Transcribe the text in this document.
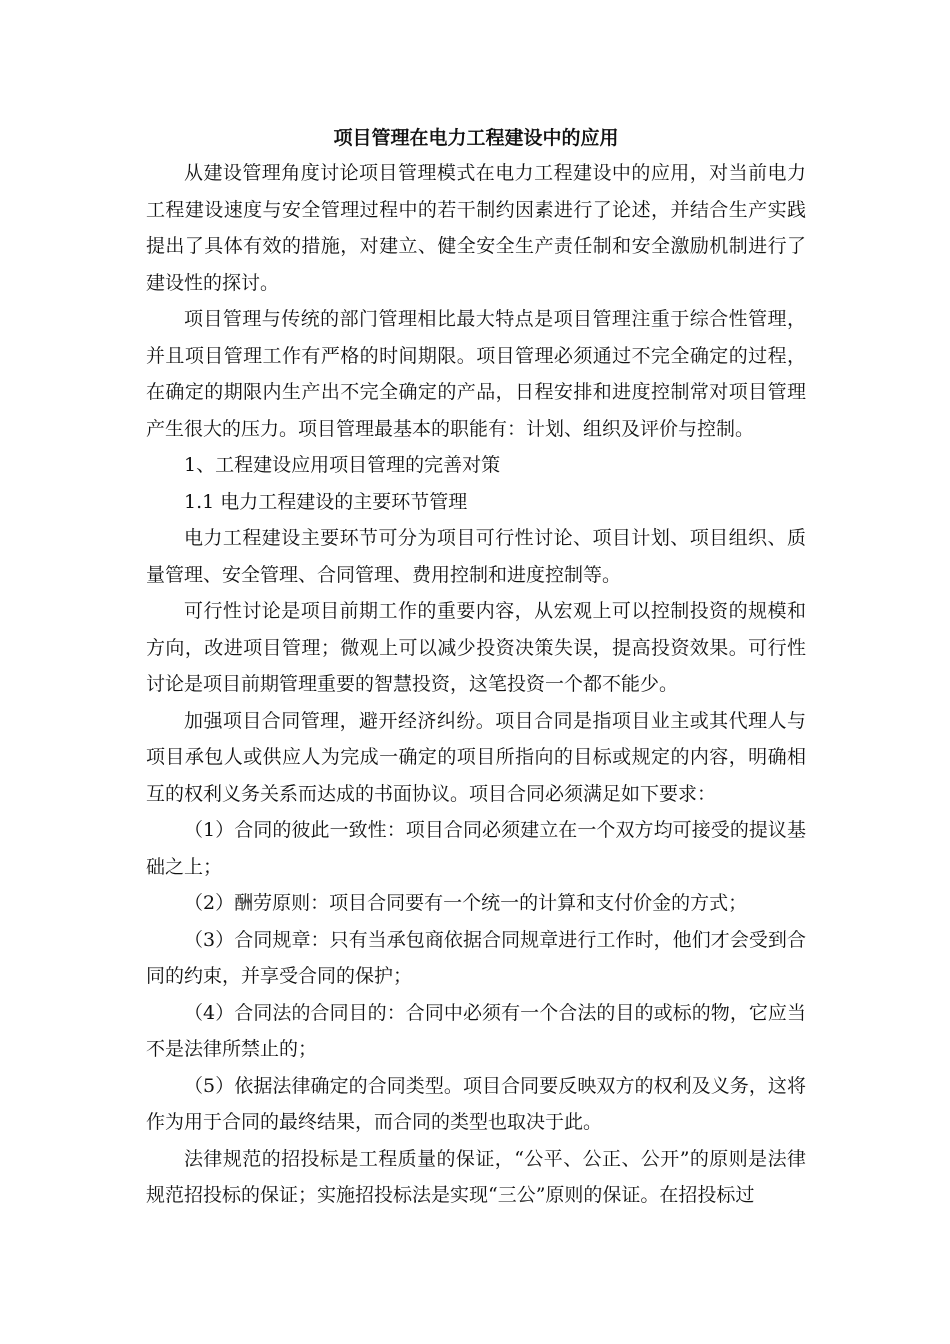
项目管理在电力工程建设中的应用

从建设管理角度讨论项目管理模式在电力工程建设中的应用，对当前电力工程建设速度与安全管理过程中的若干制约因素进行了论述，并结合生产实践提出了具体有效的措施，对建立、健全安全生产责任制和安全激励机制进行了建设性的探讨。

项目管理与传统的部门管理相比最大特点是项目管理注重于综合性管理，并且项目管理工作有严格的时间期限。项目管理必须通过不完全确定的过程，在确定的期限内生产出不完全确定的产品，日程安排和进度控制常对项目管理产生很大的压力。项目管理最基本的职能有：计划、组织及评价与控制。

1、工程建设应用项目管理的完善对策

1.1 电力工程建设的主要环节管理

电力工程建设主要环节可分为项目可行性讨论、项目计划、项目组织、质量管理、安全管理、合同管理、费用控制和进度控制等。

可行性讨论是项目前期工作的重要内容，从宏观上可以控制投资的规模和方向，改进项目管理；微观上可以减少投资决策失误，提高投资效果。可行性讨论是项目前期管理重要的智慧投资，这笔投资一个都不能少。

加强项目合同管理，避开经济纠纷。项目合同是指项目业主或其代理人与项目承包人或供应人为完成一确定的项目所指向的目标或规定的内容，明确相互的权利义务关系而达成的书面协议。项目合同必须满足如下要求：

（1）合同的彼此一致性：项目合同必须建立在一个双方均可接受的提议基础之上；

（2）酬劳原则：项目合同要有一个统一的计算和支付价金的方式；

（3）合同规章：只有当承包商依据合同规章进行工作时，他们才会受到合同的约束，并享受合同的保护；

（4）合同法的合同目的：合同中必须有一个合法的目的或标的物，它应当不是法律所禁止的；

（5）依据法律确定的合同类型。项目合同要反映双方的权利及义务，这将作为用于合同的最终结果，而合同的类型也取决于此。

法律规范的招投标是工程质量的保证，“公平、公正、公开”的原则是法律规范招投标的保证；实施招投标法是实现“三公”原则的保证。在招投标过
